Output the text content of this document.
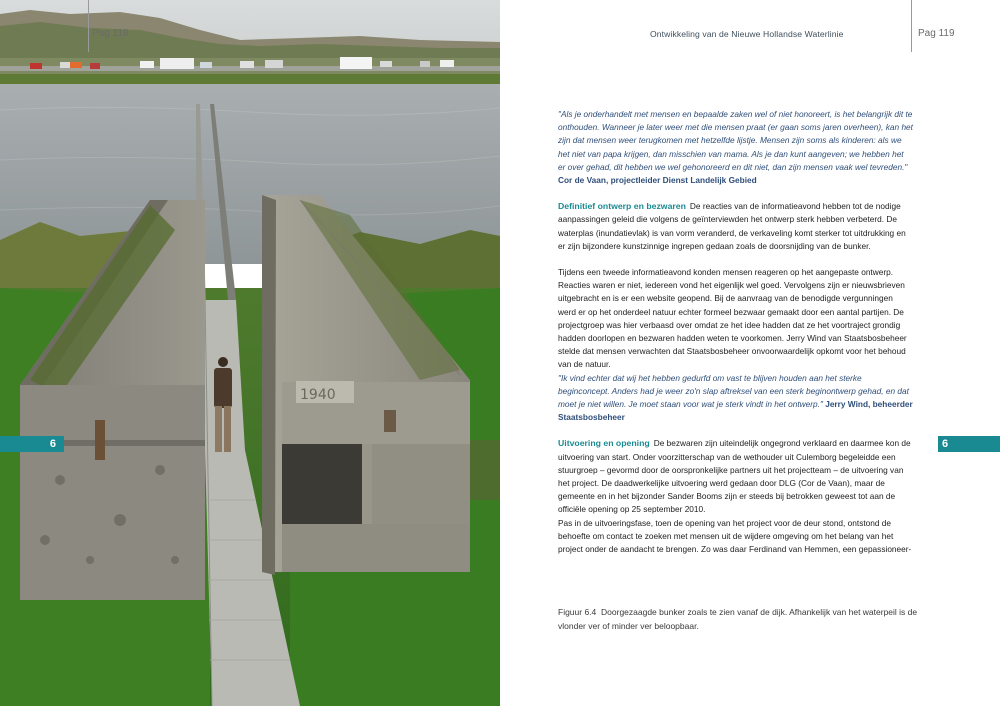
1940
Pag 118
6
Ontwikkeling van de Nieuwe Hollandse Waterlinie	Pag 119

"Als je onderhandelt met mensen en bepaalde zaken wel of niet honoreert, is het belangrijk dit te onthouden. Wanneer je later weer met die mensen praat (er gaan soms jaren overheen), kan het zijn dat mensen weer terugkomen met hetzelfde lijstje. Mensen zijn soms als kinderen: als we het niet van papa krijgen, dan misschien van mama. Als je dan kunt aangeven; we hebben het er over gehad, dit hebben we wel gehonoreerd en dit niet, dan zijn mensen vaak wel tevreden." Cor de Vaan, projectleider Dienst Landelijk Gebied

Definitief ontwerp en bezwaren De reacties van de informatieavond hebben tot de nodige aanpassingen geleid die volgens de geïnterviewden het ontwerp sterk hebben verbeterd. De waterplas (inundatievlak) is van vorm veranderd, de verkaveling komt sterker tot uitdrukking en er zijn bijzondere kunstzinnige ingrepen gedaan zoals de doorsnijding van de bunker.

Tijdens een tweede informatieavond konden mensen reageren op het aangepaste ontwerp. Reacties waren er niet, iedereen vond het eigenlijk wel goed. Vervolgens zijn er nieuwsbrieven uitgebracht en is er een website geopend. Bij de aanvraag van de benodigde vergunningen werd er op het onderdeel natuur echter formeel bezwaar gemaakt door een aantal partijen. De projectgroep was hier verbaasd over omdat ze het idee hadden dat ze het voortraject grondig hadden doorlopen en bezwaren hadden weten te voorkomen. Jerry Wind van Staatsbosbeheer stelde dat mensen verwachten dat Staatsbosbeheer onvoorwaardelijk opkomt voor het behoud van de natuur.

"Ik vind echter dat wij het hebben gedurfd om vast te blijven houden aan het sterke beginconcept. Anders had je weer zo'n slap aftreksel van een sterk beginontwerp gehad, en dat moet je niet willen. Je moet staan voor wat je sterk vindt in het ontwerp." Jerry Wind, beheerder Staatsbosbeheer

Uitvoering en opening De bezwaren zijn uiteindelijk ongegrond verklaard en daarmee kon de uitvoering van start. Onder voorzitterschap van de wethouder uit Culemborg begeleidde een stuurgroep – gevormd door de oorspronkelijke partners uit het projectteam – de uitvoering van het project. De daadwerkelijke uitvoering werd gedaan door DLG (Cor de Vaan), maar de gemeente en in het bijzonder Sander Booms zijn er steeds bij betrokken geweest tot aan de officiële opening op 25 september 2010.

Pas in de uitvoeringsfase, toen de opening van het project voor de deur stond, ontstond de behoefte om contact te zoeken met mensen uit de wijdere omgeving om het belang van het project onder de aandacht te brengen. Zo was daar Ferdinand van Hemmen, een gepassioneer-

Figuur 6.4 Doorgezaagde bunker zoals te zien vanaf de dijk. Afhankelijk van het waterpeil is de vlonder ver of minder ver beloopbaar.
6
